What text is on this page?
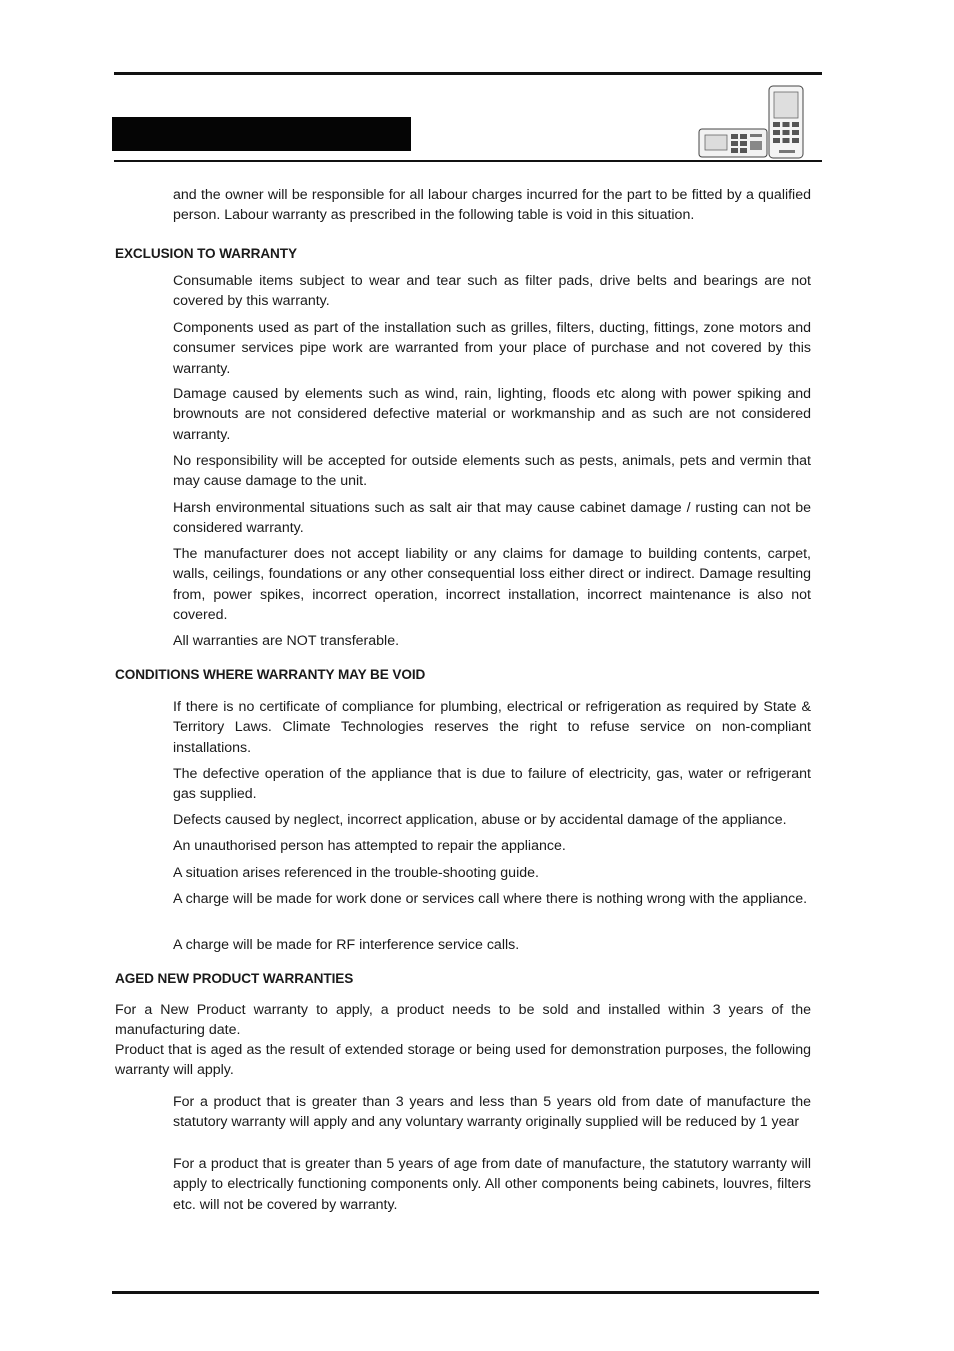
and the owner will be responsible for all labour charges incurred for the part to be fitted by a qualified person. Labour warranty as prescribed in the following table is void in this situation.

EXCLUSION TO WARRANTY

Consumable items subject to wear and tear such as filter pads, drive belts and bearings are not covered by this warranty.

Components used as part of the installation such as grilles, filters, ducting, fittings, zone motors and consumer services pipe work are warranted from your place of purchase and not covered by this warranty.

Damage caused by elements such as wind, rain, lighting, floods etc along with power spiking and brownouts are not considered defective material or workmanship and as such are not considered warranty.

No responsibility will be accepted for outside elements such as pests, animals, pets and vermin that may cause damage to the unit.

Harsh environmental situations such as salt air that may cause cabinet damage / rusting can not be considered warranty.

The manufacturer does not accept liability or any claims for damage to building contents, carpet, walls, ceilings, foundations or any other consequential loss either direct or indirect. Damage resulting from, power spikes, incorrect operation, incorrect installation, incorrect maintenance is also not covered.

All warranties are NOT transferable.

CONDITIONS WHERE WARRANTY MAY BE VOID

If there is no certificate of compliance for plumbing, electrical or refrigeration as required by State & Territory Laws. Climate Technologies reserves the right to refuse service on non-compliant installations.

The defective operation of the appliance that is due to failure of electricity, gas, water or refrigerant gas supplied.

Defects caused by neglect, incorrect application, abuse or by accidental damage of the appliance.

An unauthorised person has attempted to repair the appliance.

A situation arises referenced in the trouble-shooting guide.

A charge will be made for work done or services call where there is nothing wrong with the appliance.

A charge will be made for RF interference service calls.

AGED NEW PRODUCT WARRANTIES

For a New Product warranty to apply, a product needs to be sold and installed within 3 years of the manufacturing date.

Product that is aged as the result of extended storage or being used for demonstration purposes, the following warranty will apply.

For a product that is greater than 3 years and less than 5 years old from date of manufacture the statutory warranty will apply and any voluntary warranty originally supplied will be reduced by 1 year

For a product that is greater than 5 years of age from date of manufacture, the statutory warranty will apply to electrically functioning components only. All other components being cabinets, louvres, filters etc. will not be covered by warranty.
